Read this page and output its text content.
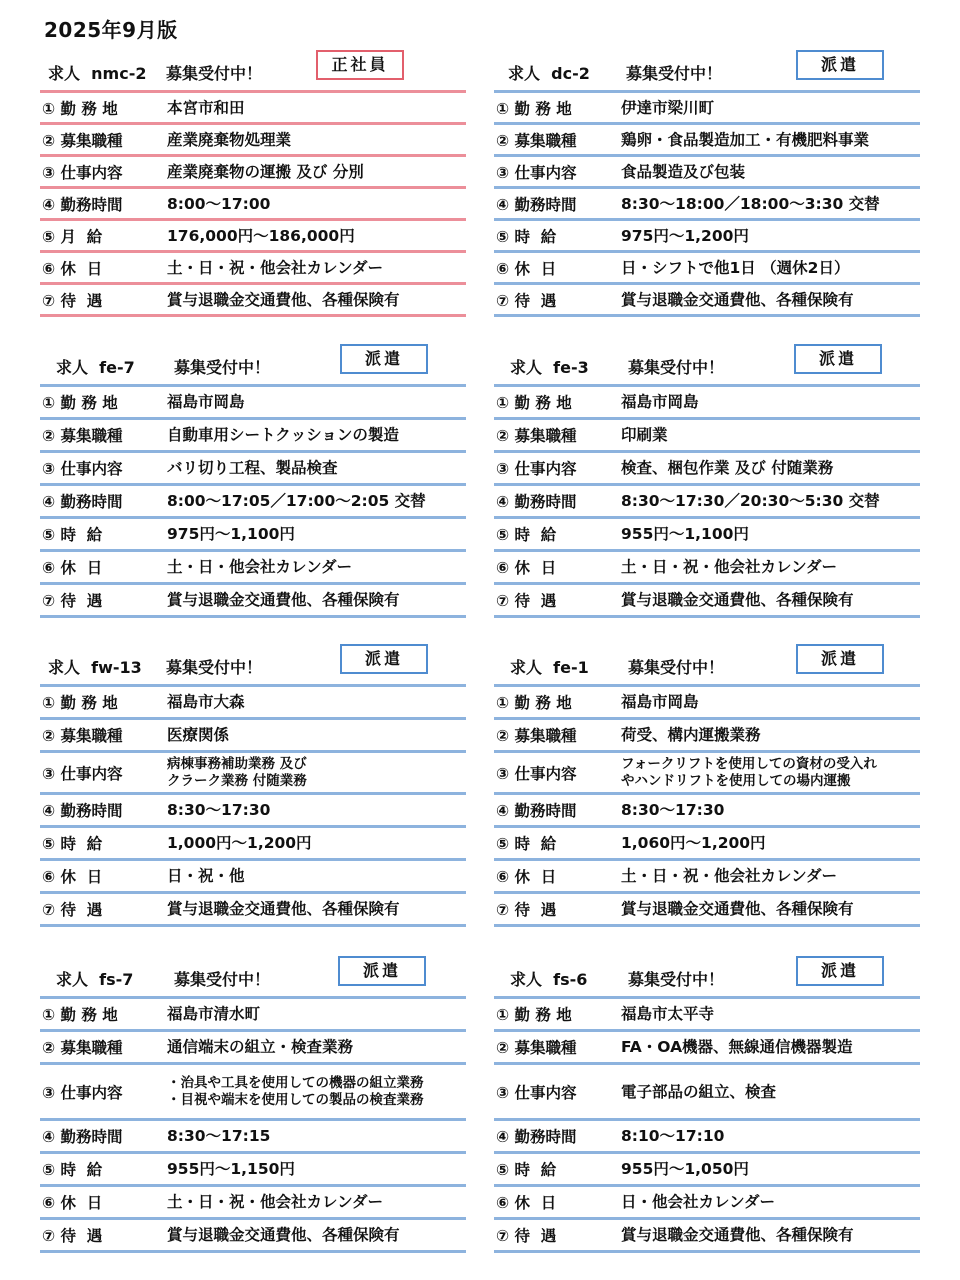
2025年9月版
求人  nmc-2 募集受付中！	正社員
① 勤 務 地	本宮市和田
② 募集職種	産業廃棄物処理業
③ 仕事内容	産業廃棄物の運搬 及び 分別
④ 勤務時間	8:00～17:00
⑤ 月  給	176,000円～186,000円
⑥ 休  日	土・日・祝・他会社カレンダー
⑦ 待  遇	賞与退職金交通費他、各種保険有
求人  dc-2 募集受付中！	派遣
① 勤 務 地	伊達市梁川町
② 募集職種	鶏卵・食品製造加工・有機肥料事業
③ 仕事内容	食品製造及び包装
④ 勤務時間	8:30～18:00／18:00～3:30 交替
⑤ 時  給	975円～1,200円
⑥ 休  日	日・シフトで他1日 （週休2日）
⑦ 待  遇	賞与退職金交通費他、各種保険有
求人  fe-7 募集受付中！	派遣
① 勤 務 地	福島市岡島
② 募集職種	自動車用シートクッションの製造
③ 仕事内容	バリ切り工程、製品検査
④ 勤務時間	8:00～17:05／17:00～2:05 交替
⑤ 時  給	975円～1,100円
⑥ 休  日	土・日・他会社カレンダー
⑦ 待  遇	賞与退職金交通費他、各種保険有
求人  fe-3 募集受付中！	派遣
① 勤 務 地	福島市岡島
② 募集職種	印刷業
③ 仕事内容	検査、梱包作業 及び 付随業務
④ 勤務時間	8:30～17:30／20:30～5:30 交替
⑤ 時  給	955円～1,100円
⑥ 休  日	土・日・祝・他会社カレンダー
⑦ 待  遇	賞与退職金交通費他、各種保険有
求人  fw-13 募集受付中！	派遣
① 勤 務 地	福島市大森
② 募集職種	医療関係
③ 仕事内容
病棟事務補助業務 及び
クラーク業務 付随業務
④ 勤務時間	8:30～17:30
⑤ 時  給	1,000円～1,200円
⑥ 休  日	日・祝・他
⑦ 待  遇	賞与退職金交通費他、各種保険有
求人  fe-1 募集受付中！	派遣
① 勤 務 地	福島市岡島
② 募集職種	荷受、構内運搬業務
③ 仕事内容
フォークリフトを使用しての資材の受入れ
やハンドリフトを使用しての場内運搬
④ 勤務時間	8:30～17:30
⑤ 時  給	1,060円～1,200円
⑥ 休  日	土・日・祝・他会社カレンダー
⑦ 待  遇	賞与退職金交通費他、各種保険有
求人  fs-7	募集受付中！	派遣
① 勤 務 地	福島市清水町
② 募集職種	通信端末の組立・検査業務
③ 仕事内容
・治具や工具を使用しての機器の組立業務
・目視や端末を使用しての製品の検査業務
④ 勤務時間	8:30～17:15
⑤ 時  給	955円～1,150円
⑥ 休  日	土・日・祝・他会社カレンダー
⑦ 待  遇	賞与退職金交通費他、各種保険有
求人  fs-6	募集受付中！	派遣
① 勤 務 地	福島市太平寺
② 募集職種	FA・OA機器、無線通信機器製造
③ 仕事内容	電子部品の組立、検査
④ 勤務時間	8:10～17:10
⑤ 時  給	955円～1,050円
⑥ 休  日	日・他会社カレンダー
⑦ 待  遇	賞与退職金交通費他、各種保険有
